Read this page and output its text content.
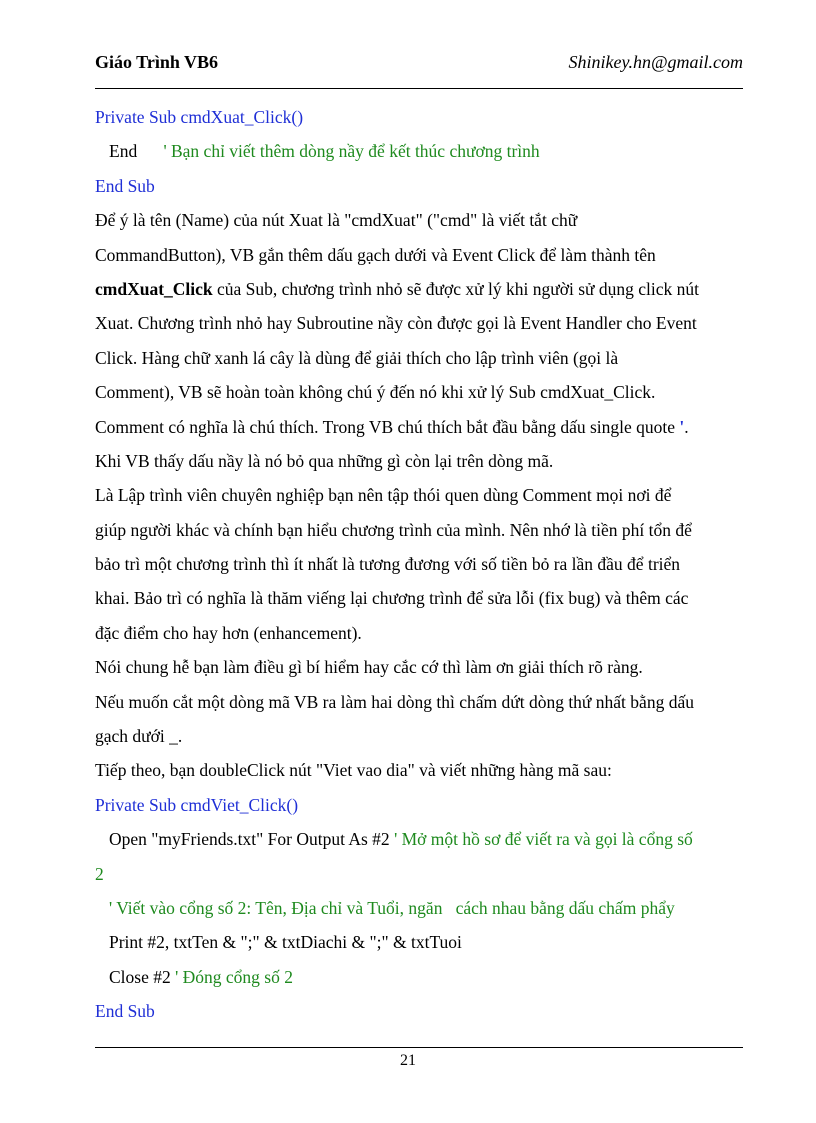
Giáo Trình VB6	Shinikey.hn@gmail.com
Private Sub cmdXuat_Click()
End ' Bạn chỉ viết thêm dòng nầy để kết thúc chương trình
End Sub
Để ý là tên (Name) của nút Xuat là "cmdXuat" ("cmd" là viết tắt chữ
CommandButton), VB gắn thêm dấu gạch dưới và Event Click để làm thành tên
cmdXuat_Click của Sub, chương trình nhỏ sẽ được xử lý khi người sử dụng click nút
Xuat. Chương trình nhỏ hay Subroutine nầy còn được gọi là Event Handler cho Event
Click. Hàng chữ xanh lá cây là dùng để giải thích cho lập trình viên (gọi là
Comment), VB sẽ hoàn toàn không chú ý đến nó khi xử lý Sub cmdXuat_Click.
Comment có nghĩa là chú thích. Trong VB chú thích bắt đầu bằng dấu single quote '.
Khi VB thấy dấu nầy là nó bỏ qua những gì còn lại trên dòng mã.
Là Lập trình viên chuyên nghiệp bạn nên tập thói quen dùng Comment mọi nơi để
giúp người khác và chính bạn hiểu chương trình của mình. Nên nhớ là tiền phí tổn để
bảo trì một chương trình thì ít nhất là tương đương với số tiền bỏ ra lần đầu để triển
khai. Bảo trì có nghĩa là thăm viếng lại chương trình để sửa lỗi (fix bug) và thêm các
đặc điểm cho hay hơn (enhancement).
Nói chung hễ bạn làm điều gì bí hiểm hay cắc cớ thì làm ơn giải thích rõ ràng.
Nếu muốn cắt một dòng mã VB ra làm hai dòng thì chấm dứt dòng thứ nhất bằng dấu
gạch dưới _.
Tiếp theo, bạn doubleClick nút "Viet vao dia" và viết những hàng mã sau:
Private Sub cmdViet_Click()
Open "myFriends.txt" For Output As #2 ' Mở một hồ sơ để viết ra và gọi là cổng số
2
' Viết vào cổng số 2: Tên, Địa chỉ và Tuổi, ngăn   cách nhau bằng dấu chấm phẩy
Print #2, txtTen & ";" & txtDiachi & ";" & txtTuoi
Close #2 ' Đóng cổng số 2
End Sub
21
